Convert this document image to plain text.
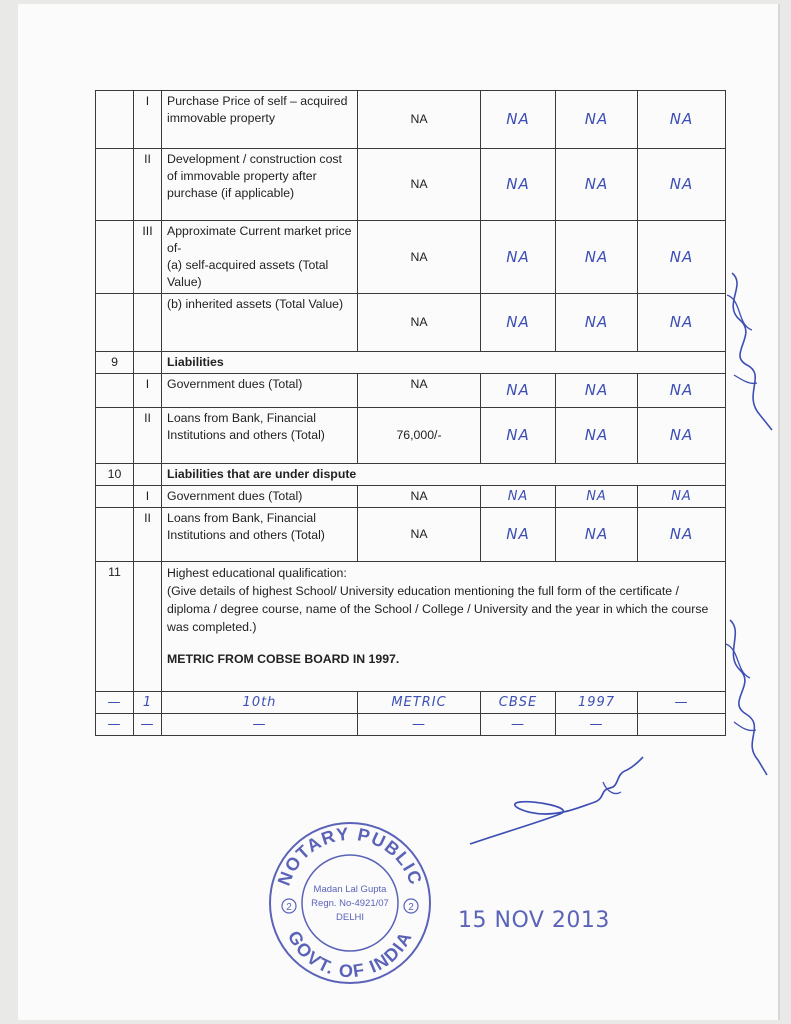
	I	Purchase Price of self – acquired immovable property	NA	NA	NA	NA
	II	Development / construction cost of immovable property after purchase (if applicable)	NA	NA	NA	NA
	III	Approximate Current market price of-
(a) self-acquired assets (Total Value)	NA	NA	NA	NA
		(b) inherited assets (Total Value)	NA	NA	NA	NA
9		Liabilities				
	I	Government dues (Total)	NA	NA	NA	NA
	II	Loans from Bank, Financial Institutions and others (Total)	76,000/-	NA	NA	NA
10		Liabilities that are under dispute				
	I	Government dues (Total)	NA	NA	NA	NA
	II	Loans from Bank, Financial Institutions and others (Total)	NA	NA	NA	NA
11		Highest educational qualification:
(Give details of highest School/ University education mentioning the full form of the certificate / diploma / degree course, name of the School / College / University and the year in which the course was completed.)
METRIC FROM COBSE BOARD IN 1997.				

—	1	10th	METRIC	CBSE	1997	—
—	—	—	—	—	—	
NOTARY PUBLIC
GOVT. OF INDIA
2	2
Madan Lal Gupta
Regn. No-4921/07
DELHI	15 NOV 2013
